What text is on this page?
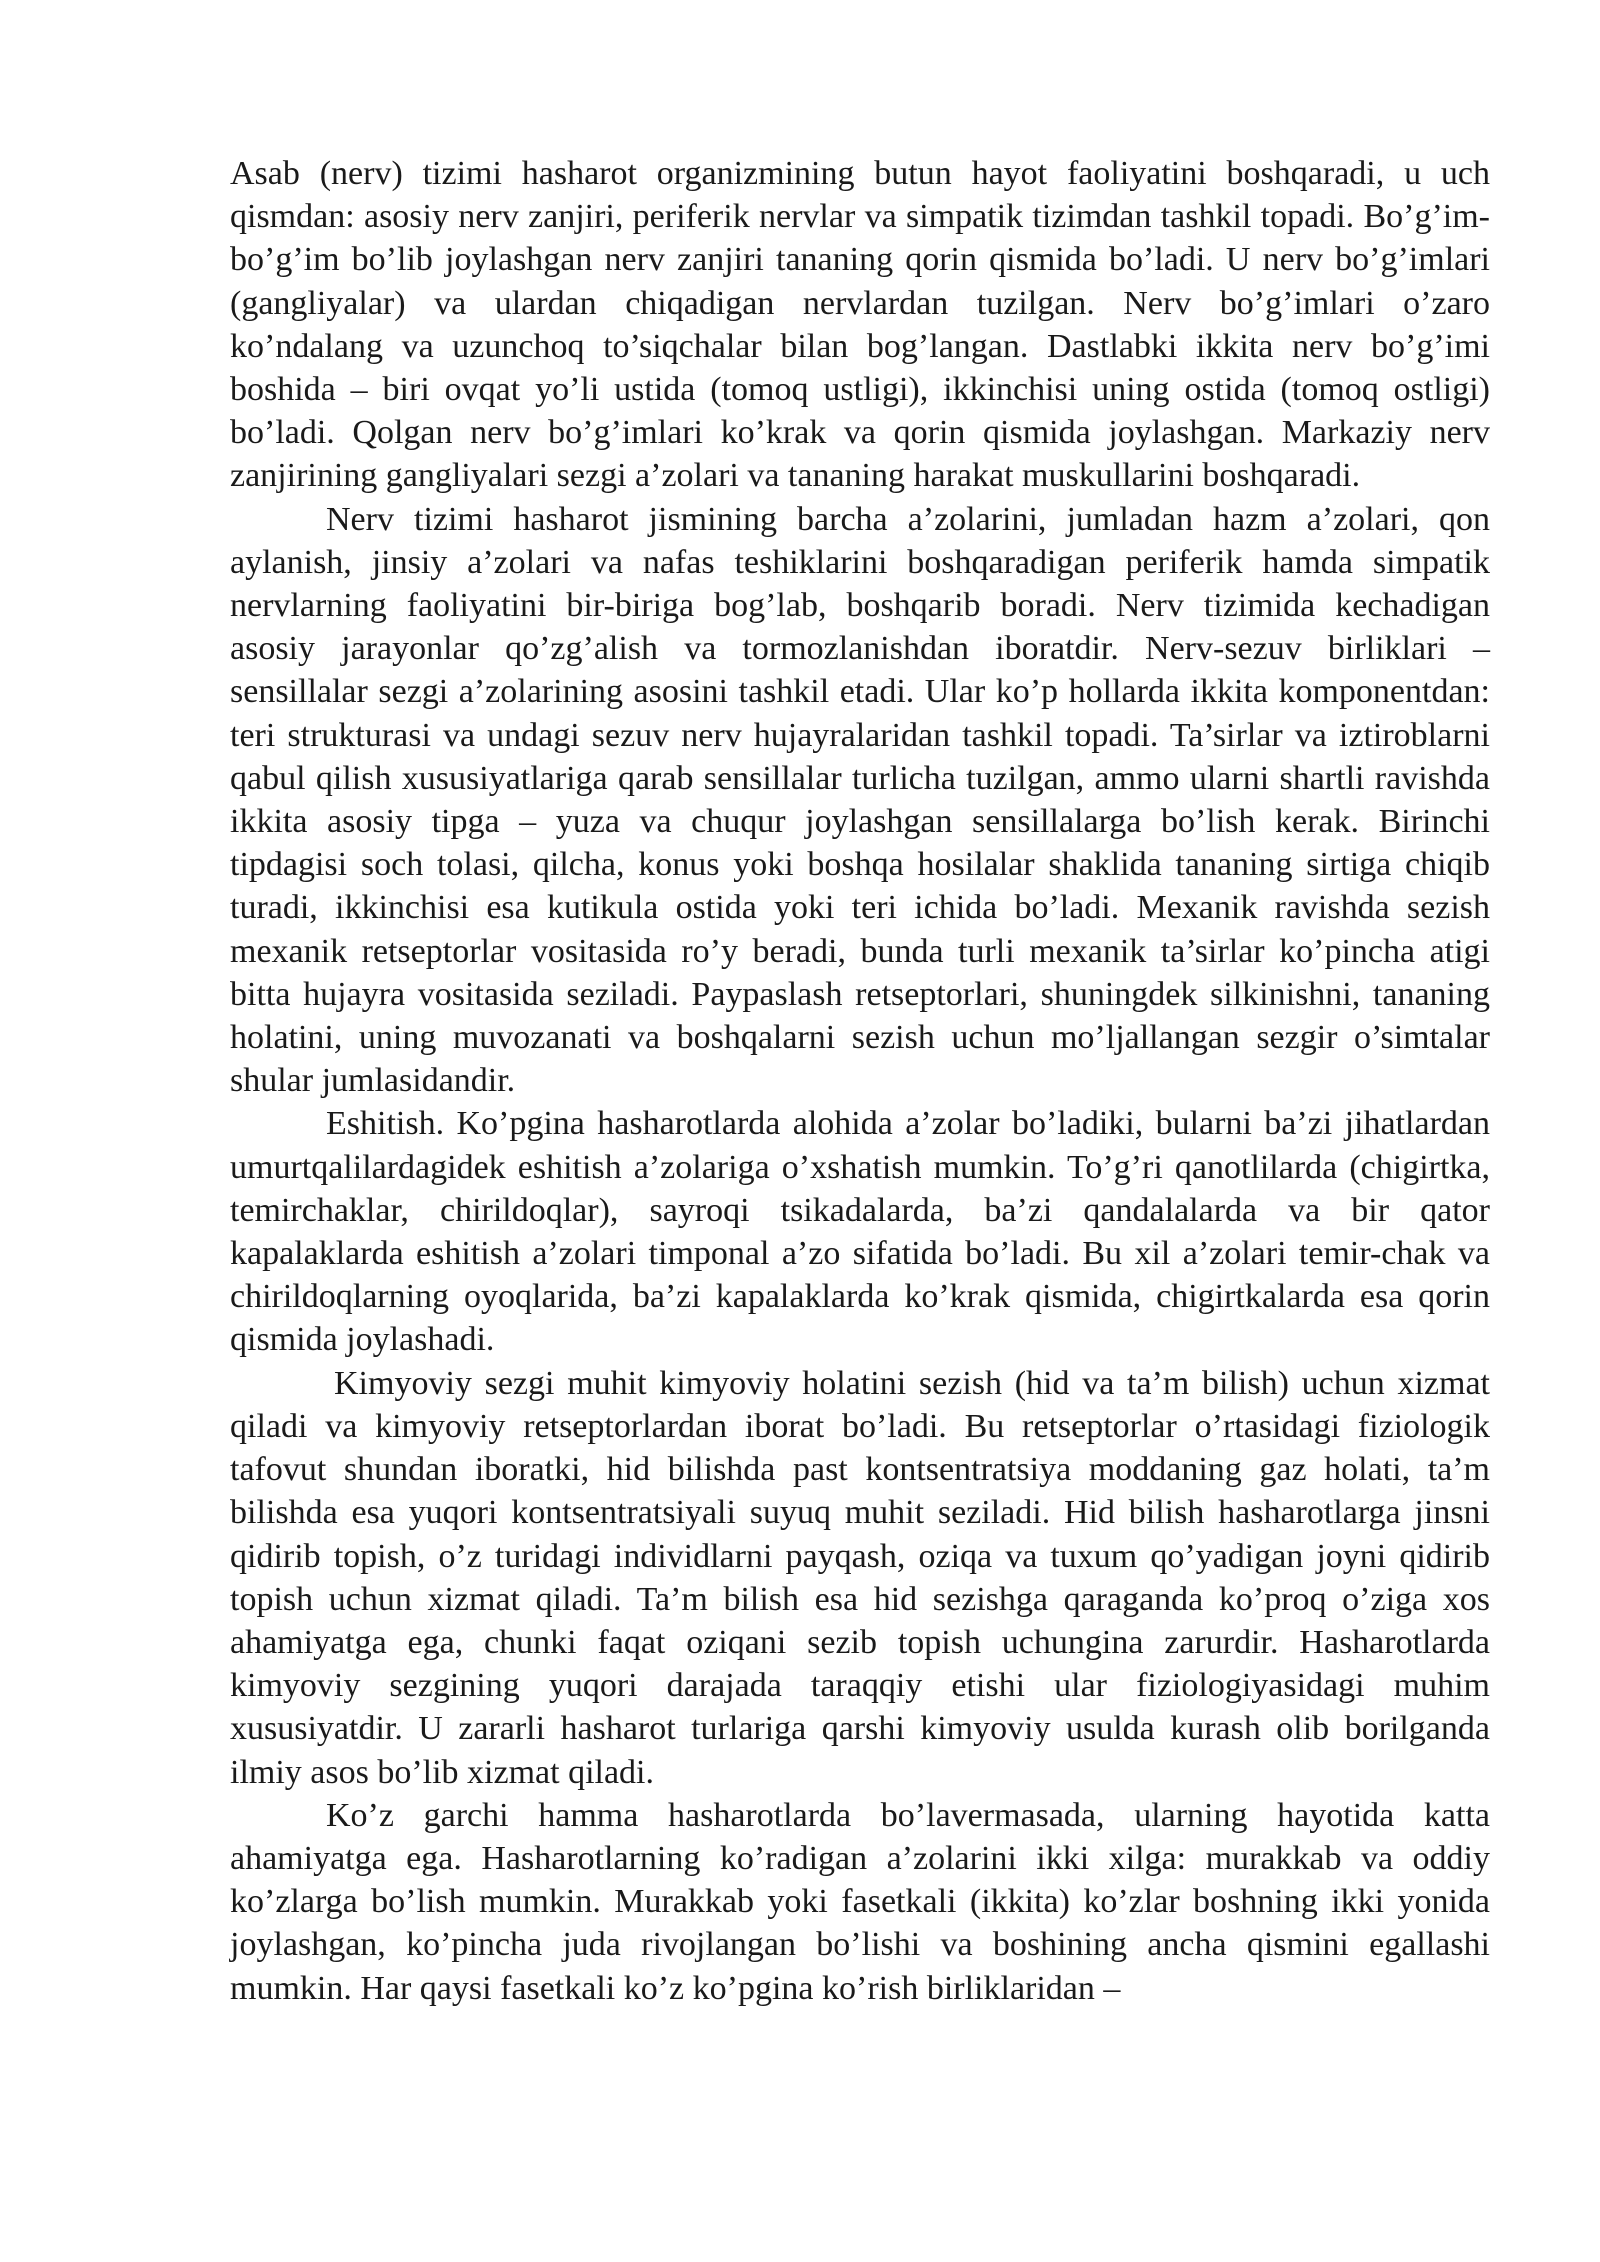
Asab (nerv) tizimi hasharot organizmining butun hayot faoliyatini boshqaradi, u uch qismdan: asosiy nerv zanjiri, periferik nervlar va simpatik tizimdan tashkil topadi. Bo’g’im-bo’g’im bo’lib joylashgan nerv zanjiri tananing qorin qismida bo’ladi. U nerv bo’g’imlari (gangliyalar) va ulardan chiqadigan nervlardan tuzilgan. Nerv bo’g’imlari o’zaro ko’ndalang va uzunchoq to’siqchalar bilan bog’langan. Dastlabki ikkita nerv bo’g’imi boshida – biri ovqat yo’li ustida (tomoq ustligi), ikkinchisi uning ostida (tomoq ostligi) bo’ladi. Qolgan nerv bo’g’imlari ko’krak va qorin qismida joylashgan. Markaziy nerv zanjirining gangliyalari sezgi a’zolari va tananing harakat muskullarini boshqaradi.

Nerv tizimi hasharot jismining barcha a’zolarini, jumladan hazm a’zolari, qon aylanish, jinsiy a’zolari va nafas teshiklarini boshqaradigan periferik hamda simpatik nervlarning faoliyatini bir-biriga bog’lab, boshqarib boradi. Nerv tizimida kechadigan asosiy jarayonlar qo’zg’alish va tormozlanishdan iboratdir. Nerv-sezuv birliklari – sensillalar sezgi a’zolarining asosini tashkil etadi. Ular ko’p hollarda ikkita komponentdan: teri strukturasi va undagi sezuv nerv hujayralaridan tashkil topadi. Ta’sirlar va iztiroblarni qabul qilish xususiyatlariga qarab sensillalar turlicha tuzilgan, ammo ularni shartli ravishda ikkita asosiy tipga – yuza va chuqur joylashgan sensillalarga bo’lish kerak. Birinchi tipdagisi soch tolasi, qilcha, konus yoki boshqa hosilalar shaklida tananing sirtiga chiqib turadi, ikkinchisi esa kutikula ostida yoki teri ichida bo’ladi. Mexanik ravishda sezish mexanik retseptorlar vositasida ro’y beradi, bunda turli mexanik ta’sirlar ko’pincha atigi bitta hujayra vositasida seziladi. Paypaslash retseptorlari, shuningdek silkinishni, tananing holatini, uning muvozanati va boshqalarni sezish uchun mo’ljallangan sezgir o’simtalar shular jumlasidandir.

Eshitish. Ko’pgina hasharotlarda alohida a’zolar bo’ladiki, bularni ba’zi jihatlardan umurtqalilardagidek eshitish a’zolariga o’xshatish mumkin. To’g’ri qanotlilarda (chigirtka, temirchaklar, chirildoqlar), sayroqi tsikadalarda, ba’zi qandalalarda va bir qator kapalaklarda eshitish a’zolari timponal a’zo sifatida bo’ladi. Bu xil a’zolari temir-chak va chirildoqlarning oyoqlarida, ba’zi kapalaklarda ko’krak qismida, chigirtkalarda esa qorin qismida joylashadi.

Kimyoviy sezgi muhit kimyoviy holatini sezish (hid va ta’m bilish) uchun xizmat qiladi va kimyoviy retseptorlardan iborat bo’ladi. Bu retseptorlar o’rtasidagi fiziologik tafovut shundan iboratki, hid bilishda past kontsentratsiya moddaning gaz holati, ta’m bilishda esa yuqori kontsentratsiyali suyuq muhit seziladi. Hid bilish hasharotlarga jinsni qidirib topish, o’z turidagi individlarni payqash, oziqa va tuxum qo’yadigan joyni qidirib topish uchun xizmat qiladi. Ta’m bilish esa hid sezishga qaraganda ko’proq o’ziga xos ahamiyatga ega, chunki faqat oziqani sezib topish uchungina zarurdir. Hasharotlarda kimyoviy sezgining yuqori darajada taraqqiy etishi ular fiziologiyasidagi muhim xususiyatdir. U zararli hasharot turlariga qarshi kimyoviy usulda kurash olib borilganda ilmiy asos bo’lib xizmat qiladi.

Ko’z garchi hamma hasharotlarda bo’lavermasada, ularning hayotida katta ahamiyatga ega. Hasharotlarning ko’radigan a’zolarini ikki xilga: murakkab va oddiy ko’zlarga bo’lish mumkin. Murakkab yoki fasetkali (ikkita) ko’zlar boshning ikki yonida joylashgan, ko’pincha juda rivojlangan bo’lishi va boshining ancha qismini egallashi mumkin. Har qaysi fasetkali ko’z ko’pgina ko’rish birliklaridan –
